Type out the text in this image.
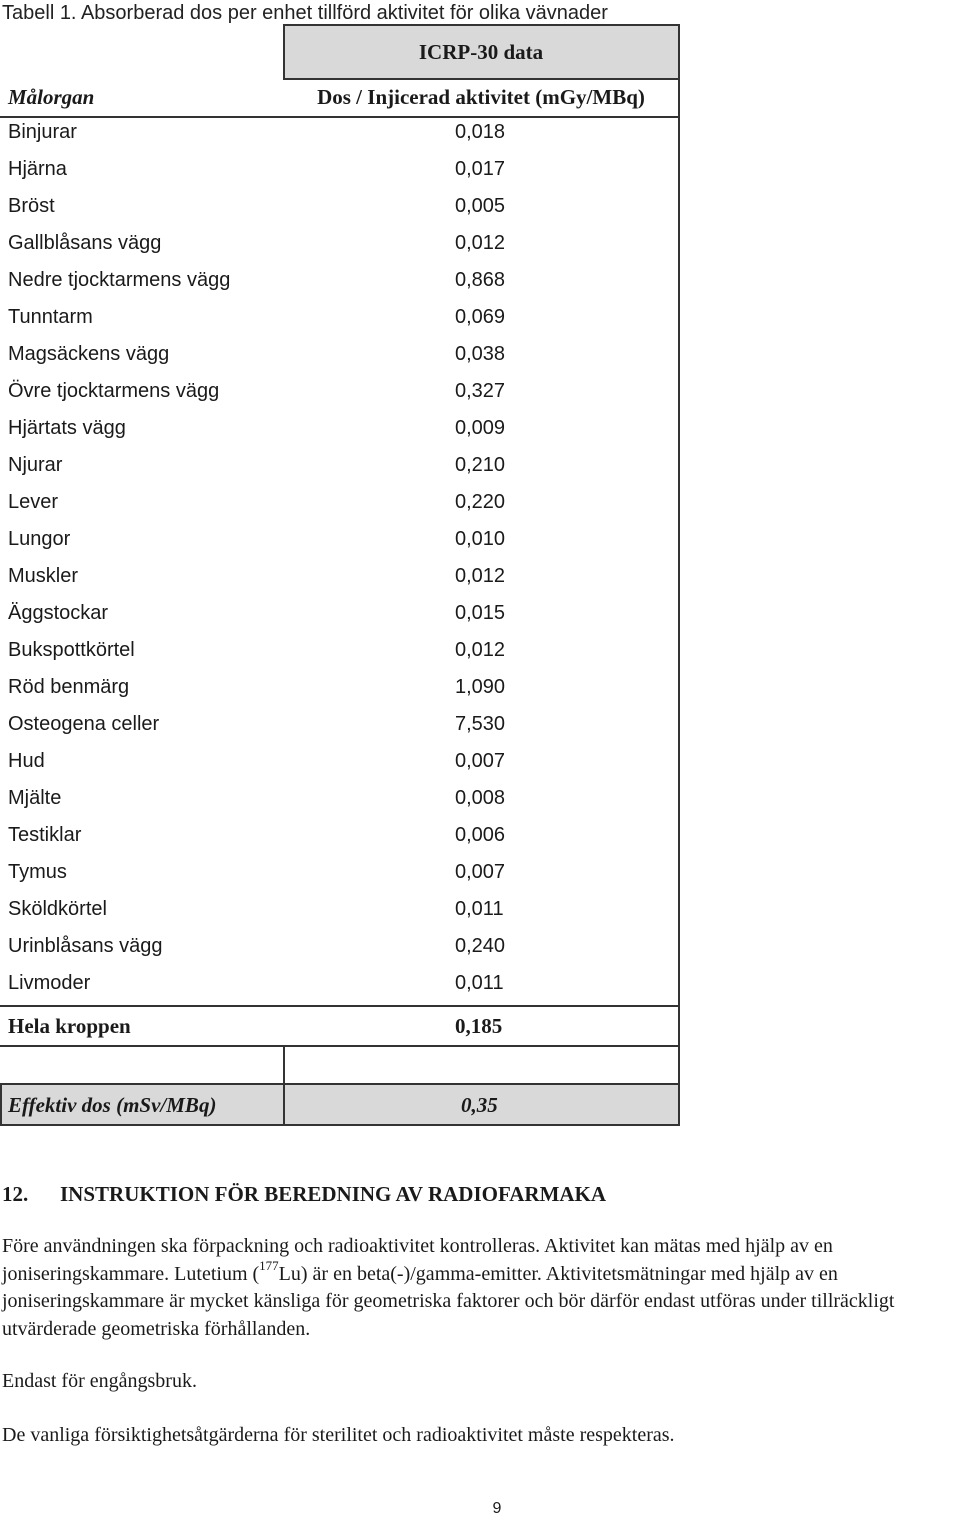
Tabell 1. Absorberad dos per enhet tillförd aktivitet för olika vävnader
ICRP-30 data
Målorgan	Dos / Injicerad aktivitet (mGy/MBq)
Binjurar	0,018
Hjärna	0,017
Bröst	0,005
Gallblåsans vägg	0,012
Nedre tjocktarmens vägg	0,868
Tunntarm	0,069
Magsäckens vägg	0,038
Övre tjocktarmens vägg	0,327
Hjärtats vägg	0,009
Njurar	0,210
Lever	0,220
Lungor	0,010
Muskler	0,012
Äggstockar	0,015
Bukspottkörtel	0,012
Röd benmärg	1,090
Osteogena celler	7,530
Hud	0,007
Mjälte	0,008
Testiklar	0,006
Tymus	0,007
Sköldkörtel	0,011
Urinblåsans vägg	0,240
Livmoder	0,011
Hela kroppen	0,185
Effektiv dos (mSv/MBq)	0,35
12. INSTRUKTION FÖR BEREDNING AV RADIOFARMAKA
Före användningen ska förpackning och radioaktivitet kontrolleras. Aktivitet kan mätas med hjälp av en joniseringskammare. Lutetium ($^{177}$Lu) är en beta(-)/gamma-emitter. Aktivitetsmätningar med hjälp av en joniseringskammare är mycket känsliga för geometriska faktorer och bör därför endast utföras under tillräckligt utvärderade geometriska förhållanden.
Endast för engångsbruk.
De vanliga försiktighetsåtgärderna för sterilitet och radioaktivitet måste respekteras.
9
